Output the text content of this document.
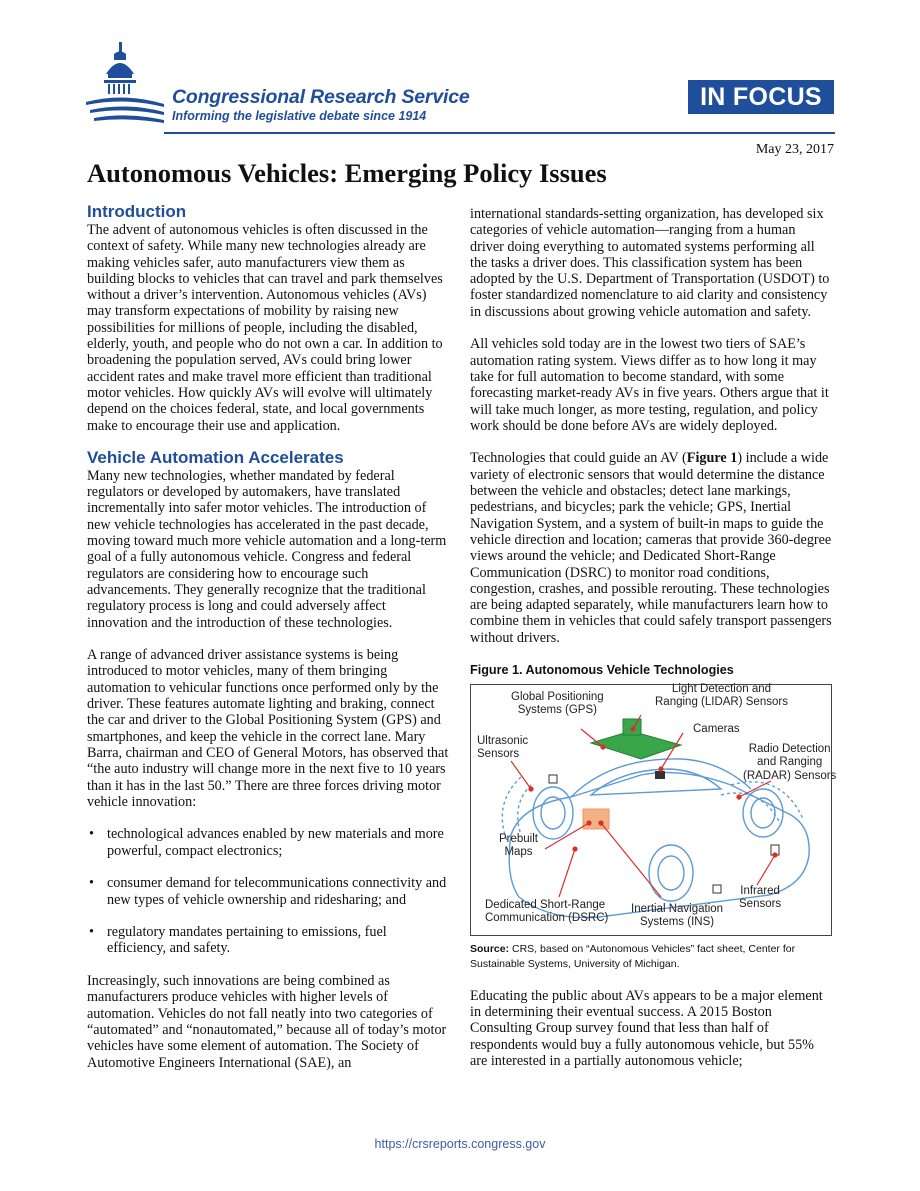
Congressional Research Service
Informing the legislative debate since 1914
IN FOCUS
May 23, 2017
Autonomous Vehicles: Emerging Policy Issues
Introduction

The advent of autonomous vehicles is often discussed in the context of safety. While many new technologies already are making vehicles safer, auto manufacturers view them as building blocks to vehicles that can travel and park themselves without a driver’s intervention. Autonomous vehicles (AVs) may transform expectations of mobility by raising new possibilities for millions of people, including the disabled, elderly, youth, and people who do not own a car. In addition to broadening the population served, AVs could bring lower accident rates and make travel more efficient than traditional motor vehicles. How quickly AVs will evolve will ultimately depend on the choices federal, state, and local governments make to encourage their use and application.

Vehicle Automation Accelerates

Many new technologies, whether mandated by federal regulators or developed by automakers, have translated incrementally into safer motor vehicles. The introduction of new vehicle technologies has accelerated in the past decade, moving toward much more vehicle automation and a long-term goal of a fully autonomous vehicle. Congress and federal regulators are considering how to encourage such advancements. They generally recognize that the traditional regulatory process is long and could adversely affect innovation and the introduction of these technologies.

A range of advanced driver assistance systems is being introduced to motor vehicles, many of them bringing automation to vehicular functions once performed only by the driver. These features automate lighting and braking, connect the car and driver to the Global Positioning System (GPS) and smartphones, and keep the vehicle in the correct lane. Mary Barra, chairman and CEO of General Motors, has observed that “the auto industry will change more in the next five to 10 years than it has in the last 50.” There are three forces driving motor vehicle innovation:

• technological advances enabled by new materials and more powerful, compact electronics;
• consumer demand for telecommunications connectivity and new types of vehicle ownership and ridesharing; and
• regulatory mandates pertaining to emissions, fuel efficiency, and safety.

Increasingly, such innovations are being combined as manufacturers produce vehicles with higher levels of automation. Vehicles do not fall neatly into two categories of “automated” and “nonautomated,” because all of today’s motor vehicles have some element of automation. The Society of Automotive Engineers International (SAE), an

international standards-setting organization, has developed six categories of vehicle automation—ranging from a human driver doing everything to automated systems performing all the tasks a driver does. This classification system has been adopted by the U.S. Department of Transportation (USDOT) to foster standardized nomenclature to aid clarity and consistency in discussions about growing vehicle automation and safety.

All vehicles sold today are in the lowest two tiers of SAE’s automation rating system. Views differ as to how long it may take for full automation to become standard, with some forecasting market-ready AVs in five years. Others argue that it will take much longer, as more testing, regulation, and policy work should be done before AVs are widely deployed.

Technologies that could guide an AV (Figure 1) include a wide variety of electronic sensors that would determine the distance between the vehicle and obstacles; detect lane markings, pedestrians, and bicycles; park the vehicle; GPS, Inertial Navigation System, and a system of built-in maps to guide the vehicle direction and location; cameras that provide 360-degree views around the vehicle; and Dedicated Short-Range Communication (DSRC) to monitor road conditions, congestion, crashes, and possible rerouting. These technologies are being adapted separately, while manufacturers learn how to combine them in vehicles that could safely transport passengers without drivers.

Figure 1. Autonomous Vehicle Technologies
Global Positioning
Systems (GPS)
Light Detection and
Ranging (LIDAR) Sensors
Cameras
Ultrasonic
Sensors	Radio Detection
and Ranging
(RADAR) Sensors
Prebuilt
Maps
Infrared
Sensors
Dedicated Short-Range
Communication (DSRC)
Inertial Navigation
Systems (INS)
Source: CRS, based on “Autonomous Vehicles” fact sheet, Center for Sustainable Systems, University of Michigan.

Educating the public about AVs appears to be a major element in determining their eventual success. A 2015 Boston Consulting Group survey found that less than half of respondents would buy a fully autonomous vehicle, but 55% are interested in a partially autonomous vehicle;

https://crsreports.congress.gov
